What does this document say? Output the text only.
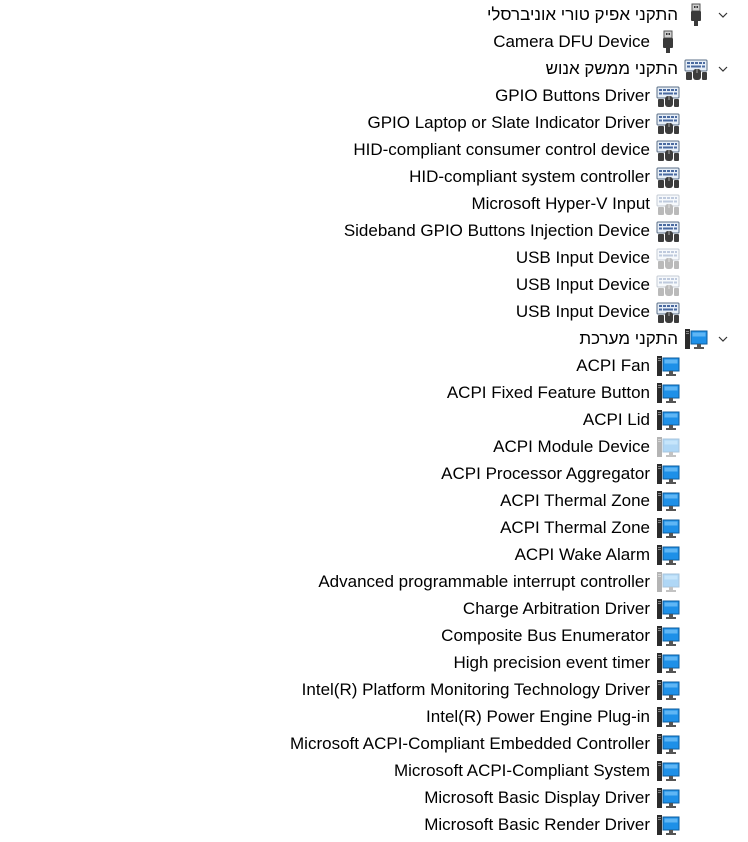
התקני אפיק טורי אוניברסלי
Camera DFU Device
התקני ממשק אנוש
GPIO Buttons Driver
GPIO Laptop or Slate Indicator Driver
HID-compliant consumer control device
HID-compliant system controller
Microsoft Hyper-V Input
Sideband GPIO Buttons Injection Device
USB Input Device
USB Input Device
USB Input Device
התקני מערכת
ACPI Fan
ACPI Fixed Feature Button
ACPI Lid
ACPI Module Device
ACPI Processor Aggregator
ACPI Thermal Zone
ACPI Thermal Zone
ACPI Wake Alarm
Advanced programmable interrupt controller
Charge Arbitration Driver
Composite Bus Enumerator
High precision event timer
Intel(R) Platform Monitoring Technology Driver
Intel(R) Power Engine Plug-in
Microsoft ACPI-Compliant Embedded Controller
Microsoft ACPI-Compliant System
Microsoft Basic Display Driver
Microsoft Basic Render Driver
